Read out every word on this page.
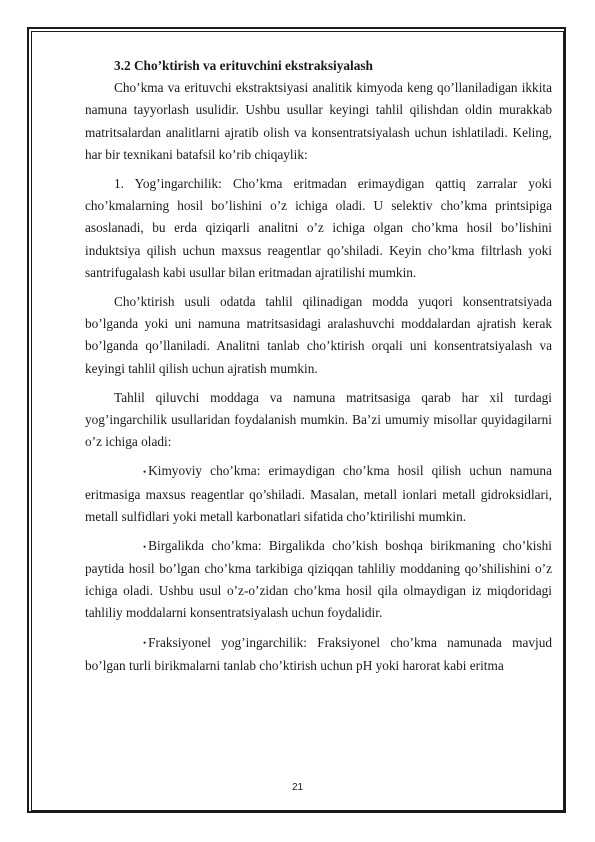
3.2 Cho’ktirish va erituvchini ekstraksiyalash

Cho’kma va erituvchi ekstraktsiyasi analitik kimyoda keng qo’llaniladigan ikkita namuna tayyorlash usulidir. Ushbu usullar keyingi tahlil qilishdan oldin murakkab matritsalardan analitlarni ajratib olish va konsentratsiyalash uchun ishlatiladi. Keling, har bir texnikani batafsil ko’rib chiqaylik:

1. Yog’ingarchilik: Cho’kma eritmadan erimaydigan qattiq zarralar yoki cho’kmalarning hosil bo’lishini o’z ichiga oladi. U selektiv cho’kma printsipiga asoslanadi, bu erda qiziqarli analitni o’z ichiga olgan cho’kma hosil bo’lishini induktsiya qilish uchun maxsus reagentlar qo’shiladi. Keyin cho’kma filtrlash yoki santrifugalash kabi usullar bilan eritmadan ajratilishi mumkin.

Cho’ktirish usuli odatda tahlil qilinadigan modda yuqori konsentratsiyada bo’lganda yoki uni namuna matritsasidagi aralashuvchi moddalardan ajratish kerak bo’lganda qo’llaniladi. Analitni tanlab cho’ktirish orqali uni konsentratsiyalash va keyingi tahlil qilish uchun ajratish mumkin.

Tahlil qiluvchi moddaga va namuna matritsasiga qarab har xil turdagi yog’ingarchilik usullaridan foydalanish mumkin. Ba’zi umumiy misollar quyidagilarni o’z ichiga oladi:

• Kimyoviy cho’kma: erimaydigan cho’kma hosil qilish uchun namuna eritmasiga maxsus reagentlar qo’shiladi. Masalan, metall ionlari metall gidroksidlari, metall sulfidlari yoki metall karbonatlari sifatida cho’ktirilishi mumkin.

• Birgalikda cho’kma: Birgalikda cho’kish boshqa birikmaning cho’kishi paytida hosil bo’lgan cho’kma tarkibiga qiziqqan tahliliy moddaning qo’shilishini o’z ichiga oladi. Ushbu usul o’z-o’zidan cho’kma hosil qila olmaydigan iz miqdoridagi tahliliy moddalarni konsentratsiyalash uchun foydalidir.

• Fraksiyonel yog’ingarchilik: Fraksiyonel cho’kma namunada mavjud bo’lgan turli birikmalarni tanlab cho’ktirish uchun pH yoki harorat kabi eritma

21
